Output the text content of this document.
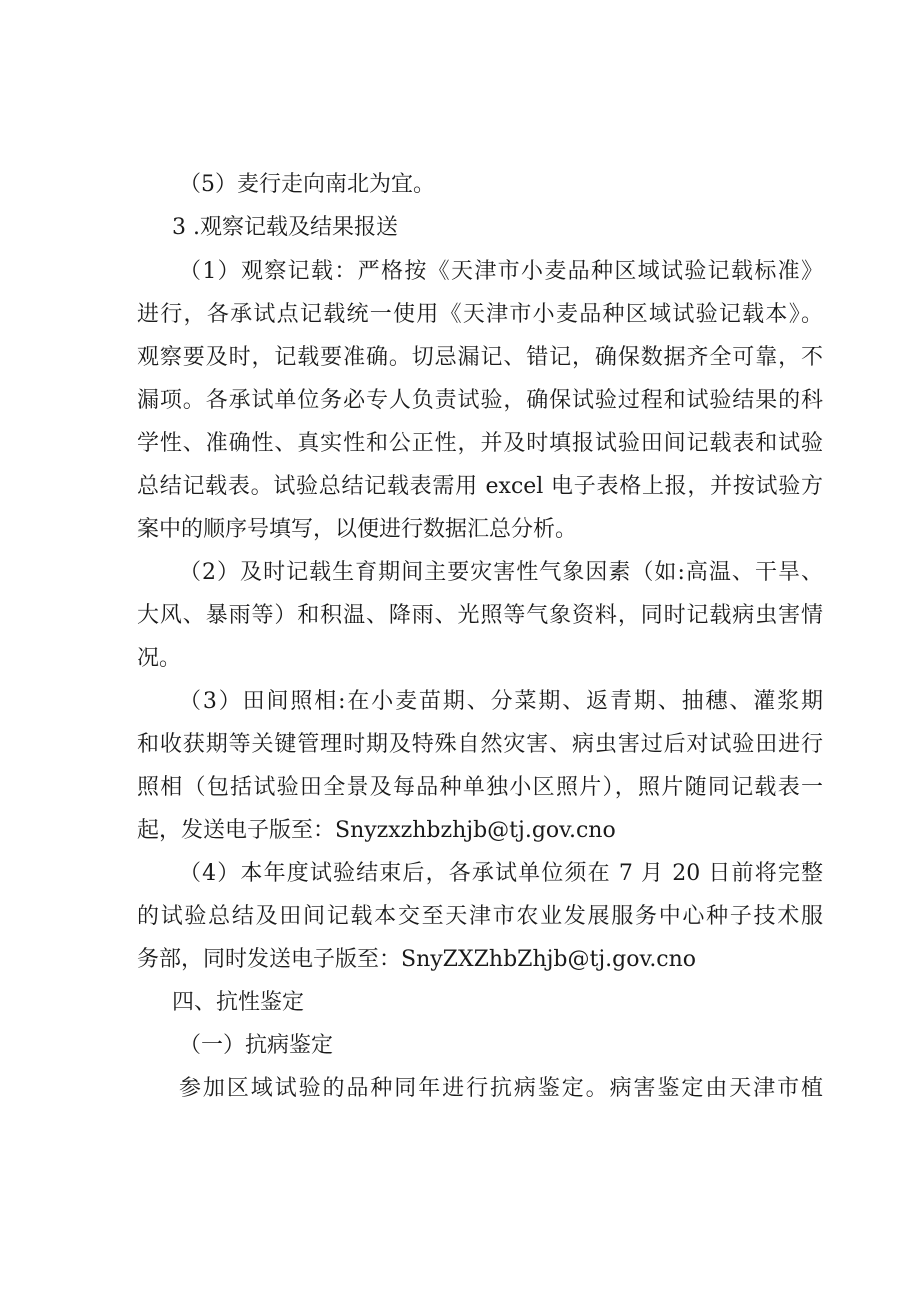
（5）麦行走向南北为宜。
3 .观察记载及结果报送
（1）观察记载：严格按《天津市小麦品种区域试验记载标准》
进行，各承试点记载统一使用《天津市小麦品种区域试验记载本》。
观察要及时，记载要准确。切忌漏记、错记，确保数据齐全可靠，不
漏项。各承试单位务必专人负责试验，确保试验过程和试验结果的科
学性、准确性、真实性和公正性，并及时填报试验田间记载表和试验
总结记载表。试验总结记载表需用 excel 电子表格上报，并按试验方
案中的顺序号填写，以便进行数据汇总分析。
（2）及时记载生育期间主要灾害性气象因素（如:高温、干旱、
大风、暴雨等）和积温、降雨、光照等气象资料，同时记载病虫害情
况。
（3）田间照相:在小麦苗期、分菜期、返青期、抽穗、灌浆期
和收获期等关键管理时期及特殊自然灾害、病虫害过后对试验田进行
照相（包括试验田全景及每品种单独小区照片），照片随同记载表一
起，发送电子版至：Snyzxzhbzhjb@tj.gov.cno
（4）本年度试验结束后，各承试单位须在 7 月 20 日前将完整
的试验总结及田间记载本交至天津市农业发展服务中心种子技术服
务部，同时发送电子版至：SnyZXZhbZhjb@tj.gov.cno
四、抗性鉴定
（一）抗病鉴定
参加区域试验的品种同年进行抗病鉴定。病害鉴定由天津市植
